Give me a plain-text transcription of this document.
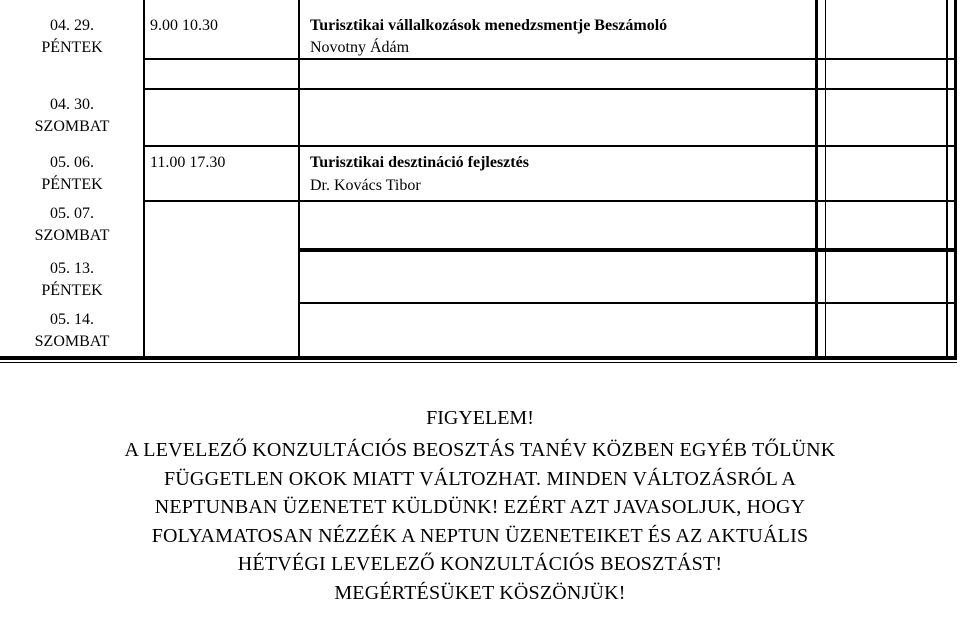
04. 29.
PÉNTEK
9.00 10.30	Turisztikai vállalkozások menedzsmentje Beszámoló
Novotny Ádám
04. 30.
SZOMBAT
05. 06.
PÉNTEK
11.00 17.30	Turisztikai desztináció fejlesztés
Dr. Kovács Tibor
05. 07.
SZOMBAT
05. 13.
PÉNTEK
05. 14.
SZOMBAT
FIGYELEM!
A LEVELEZŐ KONZULTÁCIÓS BEOSZTÁS TANÉV KÖZBEN EGYÉB TŐLÜNK
FÜGGETLEN OKOK MIATT VÁLTOZHAT. MINDEN VÁLTOZÁSRÓL A
NEPTUNBAN ÜZENETET KÜLDÜNK! EZÉRT AZT JAVASOLJUK, HOGY
FOLYAMATOSAN NÉZZÉK A NEPTUN ÜZENETEIKET ÉS AZ AKTUÁLIS
HÉTVÉGI LEVELEZŐ KONZULTÁCIÓS BEOSZTÁST!
MEGÉRTÉSÜKET KÖSZÖNJÜK!
